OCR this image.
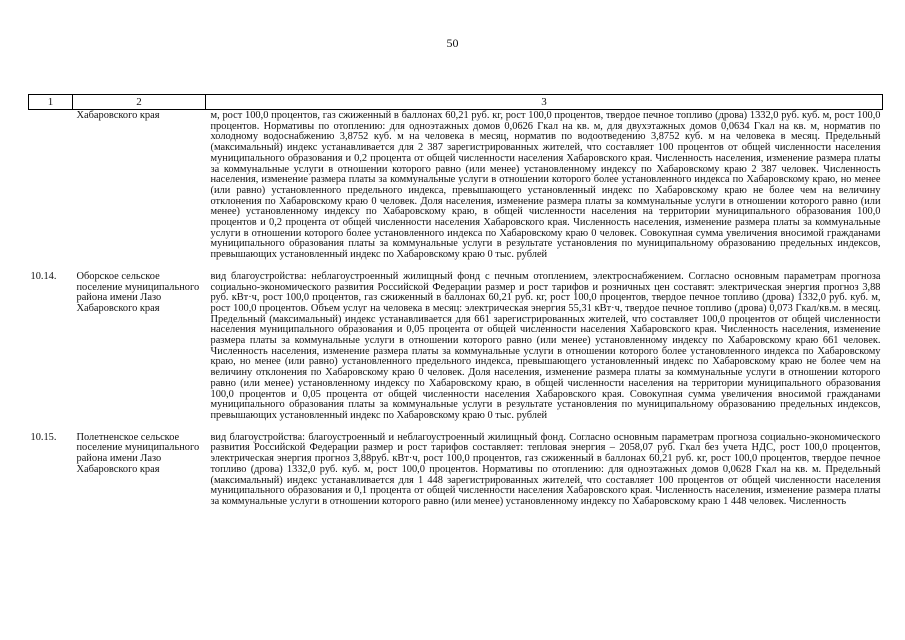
50
1	2	3
	Хабаровского края	м, рост 100,0 процентов, газ сжиженный в баллонах 60,21 руб. кг, рост 100,0 процентов, твердое печное топливо (дрова) 1332,0 руб. куб. м, рост 100,0 процентов. Нормативы по отоплению: для одноэтажных домов 0,0626 Гкал на кв. м, для двухэтажных домов 0,0634 Гкал на кв. м, норматив по холодному водоснабжению 3,8752 куб. м на человека в месяц, норматив по водоотведению 3,8752 куб. м на человека в месяц. Предельный (максимальный) индекс устанавливается для 2 387 зарегистрированных жителей, что составляет 100 процентов от общей численности населения муниципального образования и 0,2 процента от общей численности населения Хабаровского края. Численность населения, изменение размера платы за коммунальные услуги в отношении которого равно (или менее) установленному индексу по Хабаровскому краю 2 387 человек. Численность населения, изменение размера платы за коммунальные услуги в отношении которого более установленного индекса по Хабаровскому краю, но менее (или равно) установленного предельного индекса, превышающего установленный индекс по Хабаровскому краю не более чем на величину отклонения по Хабаровскому краю 0 человек. Доля населения, изменение размера платы за коммунальные услуги в отношении которого равно (или менее) установленному индексу по Хабаровскому краю, в общей численности населения на территории муниципального образования 100,0 процентов и 0,2 процента от общей численности населения Хабаровского края. Численность населения, изменение размера платы за коммунальные услуги в отношении которого более установленного индекса по Хабаровскому краю 0 человек. Совокупная сумма увеличения вносимой гражданами муниципального образования платы за коммунальные услуги в результате установления по муниципальному образованию предельных индексов, превышающих установленный индекс по Хабаровскому краю 0 тыс. рублей
10.14.	Оборское сельское поселение муниципального района имени Лазо Хабаровского края	вид благоустройства: неблагоустроенный жилищный фонд с печным отоплением, электроснабжением. Согласно основным параметрам прогноза социально-экономического развития Российской Федерации размер и рост тарифов и розничных цен составят: электрическая энергия прогноз 3,88 руб. кВт·ч, рост 100,0 процентов, газ сжиженный в баллонах 60,21 руб. кг, рост 100,0 процентов, твердое печное топливо (дрова) 1332,0 руб. куб. м, рост 100,0 процентов. Объем услуг на человека в месяц: электрическая энергия 55,31 кВт·ч, твердое печное топливо (дрова) 0,073 Гкал/кв.м. в месяц. Предельный (максимальный) индекс устанавливается для 661 зарегистрированных жителей, что составляет 100,0 процентов от общей численности населения муниципального образования и 0,05 процента от общей численности населения Хабаровского края. Численность населения, изменение размера платы за коммунальные услуги в отношении которого равно (или менее) установленному индексу по Хабаровскому краю 661 человек. Численность населения, изменение размера платы за коммунальные услуги в отношении которого более установленного индекса по Хабаровскому краю, но менее (или равно) установленного предельного индекса, превышающего установленный индекс по Хабаровскому краю не более чем на величину отклонения по Хабаровскому краю 0 человек. Доля населения, изменение размера платы за коммунальные услуги в отношении которого равно (или менее) установленному индексу по Хабаровскому краю, в общей численности населения на территории муниципального образования 100,0 процентов и 0,05 процента от общей численности населения Хабаровского края. Совокупная сумма увеличения вносимой гражданами муниципального образования платы за коммунальные услуги в результате установления по муниципальному образованию предельных индексов, превышающих установленный индекс по Хабаровскому краю 0 тыс. рублей
10.15.	Полетненское сельское поселение муниципального района имени Лазо Хабаровского края	вид благоустройства: благоустроенный и неблагоустроенный жилищный фонд. Согласно основным параметрам прогноза социально-экономического развития Российской Федерации размер и рост тарифов составляет: тепловая энергия – 2058,07 руб. Гкал без учета НДС, рост 100,0 процентов, электрическая энергия прогноз 3,88руб. кВт·ч, рост 100,0 процентов, газ сжиженный в баллонах 60,21 руб. кг, рост 100,0 процентов, твердое печное топливо (дрова) 1332,0 руб. куб. м, рост 100,0 процентов. Нормативы по отоплению: для одноэтажных домов 0,0628 Гкал на кв. м. Предельный (максимальный) индекс устанавливается для 1 448 зарегистрированных жителей, что составляет 100 процентов от общей численности населения муниципального образования и 0,1 процента от общей численности населения Хабаровского края. Численность населения, изменение размера платы за коммунальные услуги в отношении которого равно (или менее) установленному индексу по Хабаровскому краю 1 448 человек. Численность
